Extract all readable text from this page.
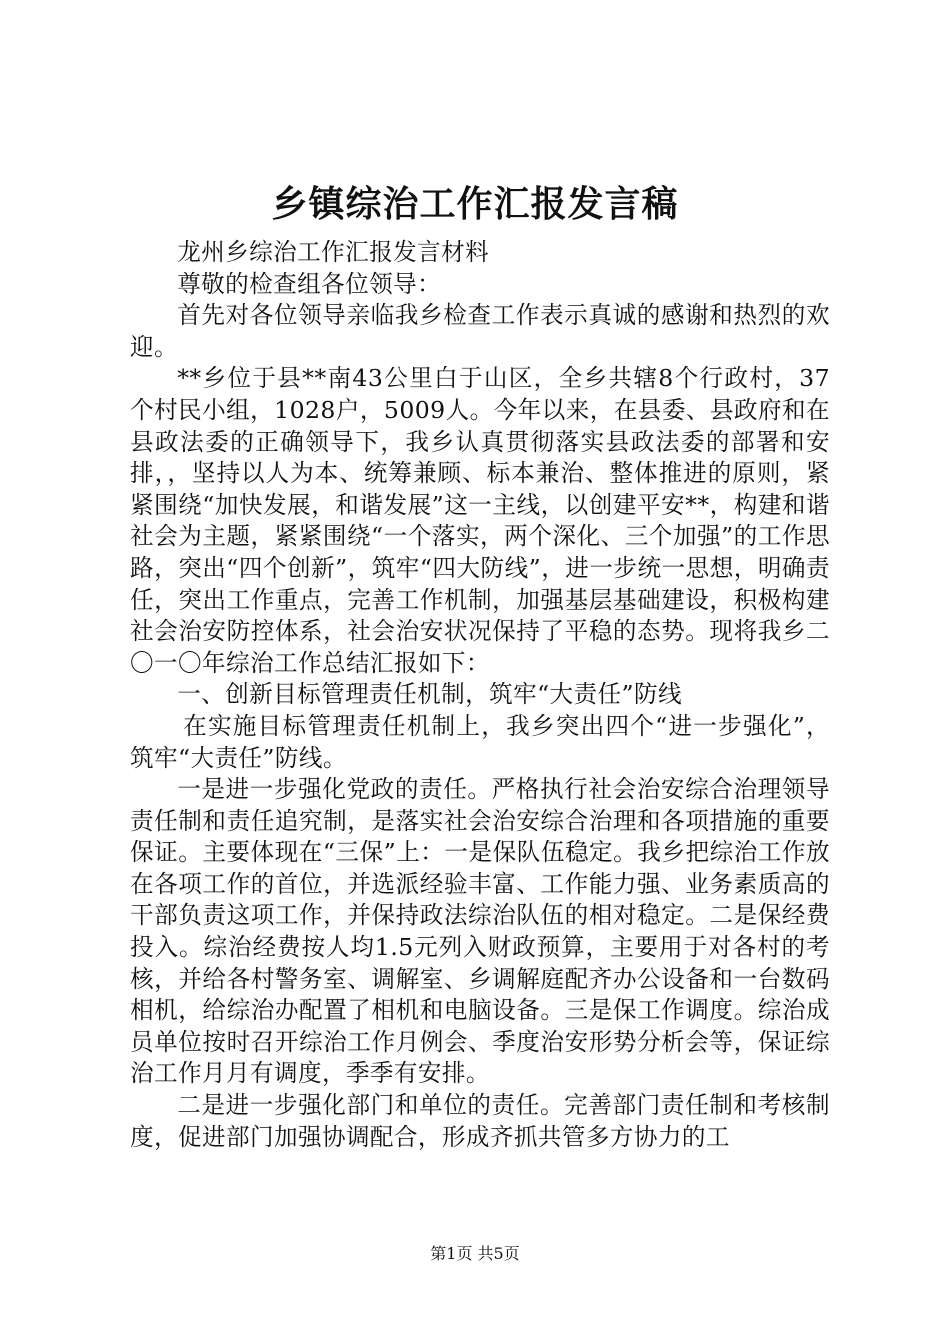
乡镇综治工作汇报发言稿

龙州乡综治工作汇报发言材料

尊敬的检查组各位领导：

首先对各位领导亲临我乡检查工作表示真诚的感谢和热烈的欢迎。

**乡位于县**南43公里白于山区，全乡共辖8个行政村，37个村民小组，1028户，5009人。今年以来，在县委、县政府和在县政法委的正确领导下，我乡认真贯彻落实县政法委的部署和安排，，坚持以人为本、统筹兼顾、标本兼治、整体推进的原则，紧紧围绕“加快发展，和谐发展”这一主线，以创建平安**，构建和谐社会为主题，紧紧围绕“一个落实，两个深化、三个加强”的工作思路，突出“四个创新”，筑牢“四大防线”，进一步统一思想，明确责任，突出工作重点，完善工作机制，加强基层基础建设，积极构建社会治安防控体系，社会治安状况保持了平稳的态势。现将我乡二〇一〇年综治工作总结汇报如下：

一、创新目标管理责任机制，筑牢“大责任”防线

在实施目标管理责任机制上，我乡突出四个“进一步强化”，筑牢“大责任”防线。

一是进一步强化党政的责任。严格执行社会治安综合治理领导责任制和责任追究制，是落实社会治安综合治理和各项措施的重要保证。主要体现在“三保”上：一是保队伍稳定。我乡把综治工作放在各项工作的首位，并选派经验丰富、工作能力强、业务素质高的干部负责这项工作，并保持政法综治队伍的相对稳定。二是保经费投入。综治经费按人均1.5元列入财政预算，主要用于对各村的考核，并给各村警务室、调解室、乡调解庭配齐办公设备和一台数码相机，给综治办配置了相机和电脑设备。三是保工作调度。综治成员单位按时召开综治工作月例会、季度治安形势分析会等，保证综治工作月月有调度，季季有安排。

二是进一步强化部门和单位的责任。完善部门责任制和考核制度，促进部门加强协调配合，形成齐抓共管多方协力的工

第1页 共5页
